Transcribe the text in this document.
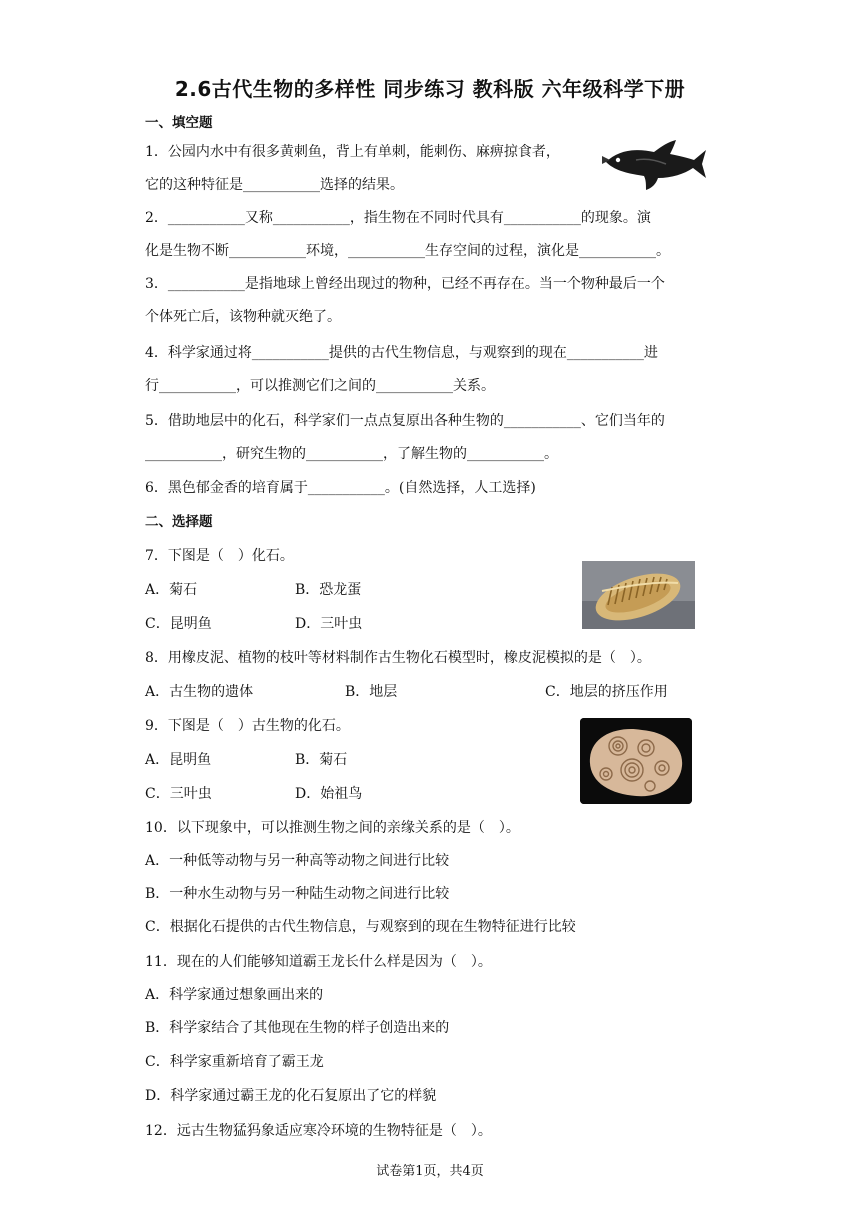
2.6古代生物的多样性 同步练习 教科版 六年级科学下册
一、填空题
1．公园内水中有很多黄刺鱼，背上有单刺，能刺伤、麻痹掠食者，
它的这种特征是___________选择的结果。
2．___________又称___________，指生物在不同时代具有___________的现象。演
化是生物不断___________环境，___________生存空间的过程，演化是___________。
3．___________是指地球上曾经出现过的物种，已经不再存在。当一个物种最后一个
个体死亡后，该物种就灭绝了。
4．科学家通过将___________提供的古代生物信息，与观察到的现在___________进
行___________，可以推测它们之间的___________关系。
5．借助地层中的化石，科学家们一点点复原出各种生物的___________、它们当年的
___________，研究生物的___________，了解生物的___________。
6．黑色郁金香的培育属于___________。(自然选择，人工选择)
二、选择题
7．下图是（　）化石。
A．菊石	B．恐龙蛋
C．昆明鱼	D．三叶虫
8．用橡皮泥、植物的枝叶等材料制作古生物化石模型时，橡皮泥模拟的是（　）。
A．古生物的遗体	B．地层	C．地层的挤压作用
9．下图是（　）古生物的化石。
A．昆明鱼	B．菊石
C．三叶虫	D．始祖鸟
10．以下现象中，可以推测生物之间的亲缘关系的是（　）。
A．一种低等动物与另一种高等动物之间进行比较
B．一种水生动物与另一种陆生动物之间进行比较
C．根据化石提供的古代生物信息，与观察到的现在生物特征进行比较
11．现在的人们能够知道霸王龙长什么样是因为（　）。
A．科学家通过想象画出来的
B．科学家结合了其他现在生物的样子创造出来的
C．科学家重新培育了霸王龙
D．科学家通过霸王龙的化石复原出了它的样貌
12．远古生物猛犸象适应寒冷环境的生物特征是（　）。
试卷第1页，共4页
